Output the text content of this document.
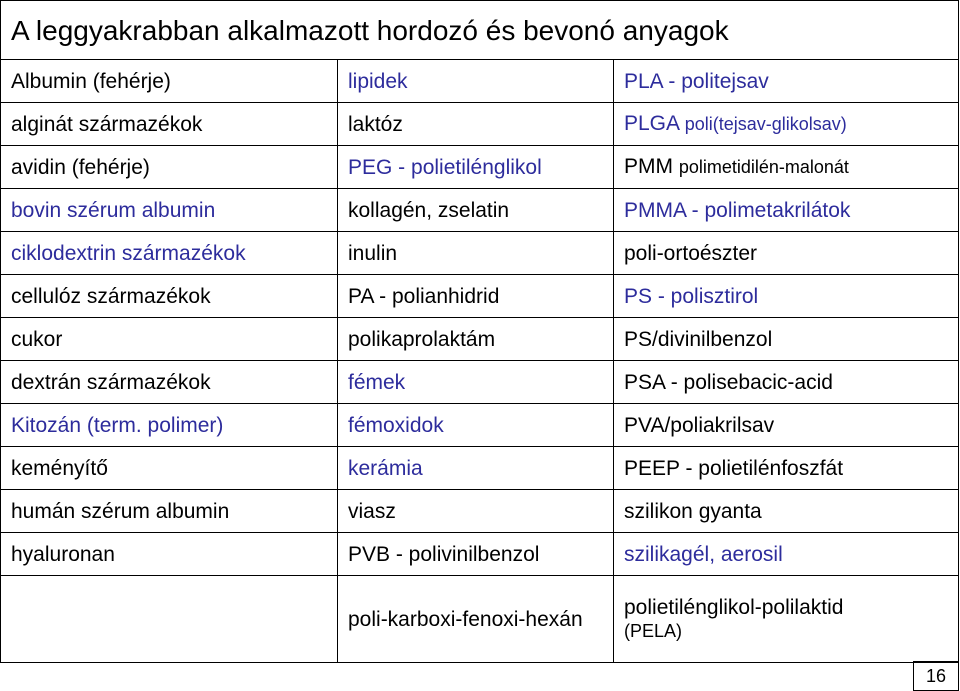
A leggyakrabban alkalmazott hordozó és bevonó anyagok		
Albumin (fehérje)	lipidek	PLA - politejsav
alginát származékok	laktóz	PLGA poli(tejsav-glikolsav)
avidin (fehérje)	PEG - polietilénglikol	PMM polimetidilén-malonát
bovin szérum albumin	kollagén, zselatin	PMMA - polimetakrilátok
ciklodextrin származékok	inulin	poli-ortoészter
cellulóz származékok	PA - polianhidrid	PS - polisztirol
cukor	polikaprolaktám	PS/divinilbenzol
dextrán származékok	fémek	PSA - polisebacic-acid
Kitozán (term. polimer)	fémoxidok	PVA/poliakrilsav
keményítő	kerámia	PEEP - polietilénfoszfát
humán szérum albumin	viasz	szilikon gyanta
hyaluronan	PVB - polivinilbenzol	szilikagél, aerosil
	poli-karboxi-fenoxi-hexán	polietilénglikol-polilaktid
(PELA)
16
